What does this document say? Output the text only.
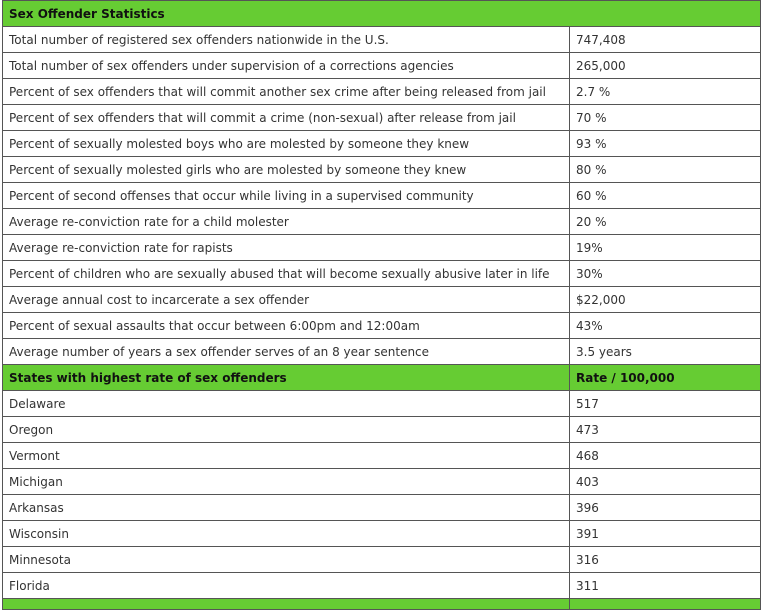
Sex Offender Statistics	
Total number of registered sex offenders nationwide in the U.S.	747,408
Total number of sex offenders under supervision of a corrections agencies	265,000
Percent of sex offenders that will commit another sex crime after being released from jail	2.7 %
Percent of sex offenders that will commit a crime (non-sexual) after release from jail	70 %
Percent of sexually molested boys who are molested by someone they knew	93 %
Percent of sexually molested girls who are molested by someone they knew	80 %
Percent of second offenses that occur while living in a supervised community	60 %
Average re-conviction rate for a child molester	20 %
Average re-conviction rate for rapists	19%
Percent of children who are sexually abused that will become sexually abusive later in life	30%
Average annual cost to incarcerate a sex offender	$22,000
Percent of sexual assaults that occur between 6:00pm and 12:00am	43%
Average number of years a sex offender serves of an 8 year sentence	3.5 years
States with highest rate of sex offenders	Rate / 100,000
Delaware	517
Oregon	473
Vermont	468
Michigan	403
Arkansas	396
Wisconsin	391
Minnesota	316
Florida	311
